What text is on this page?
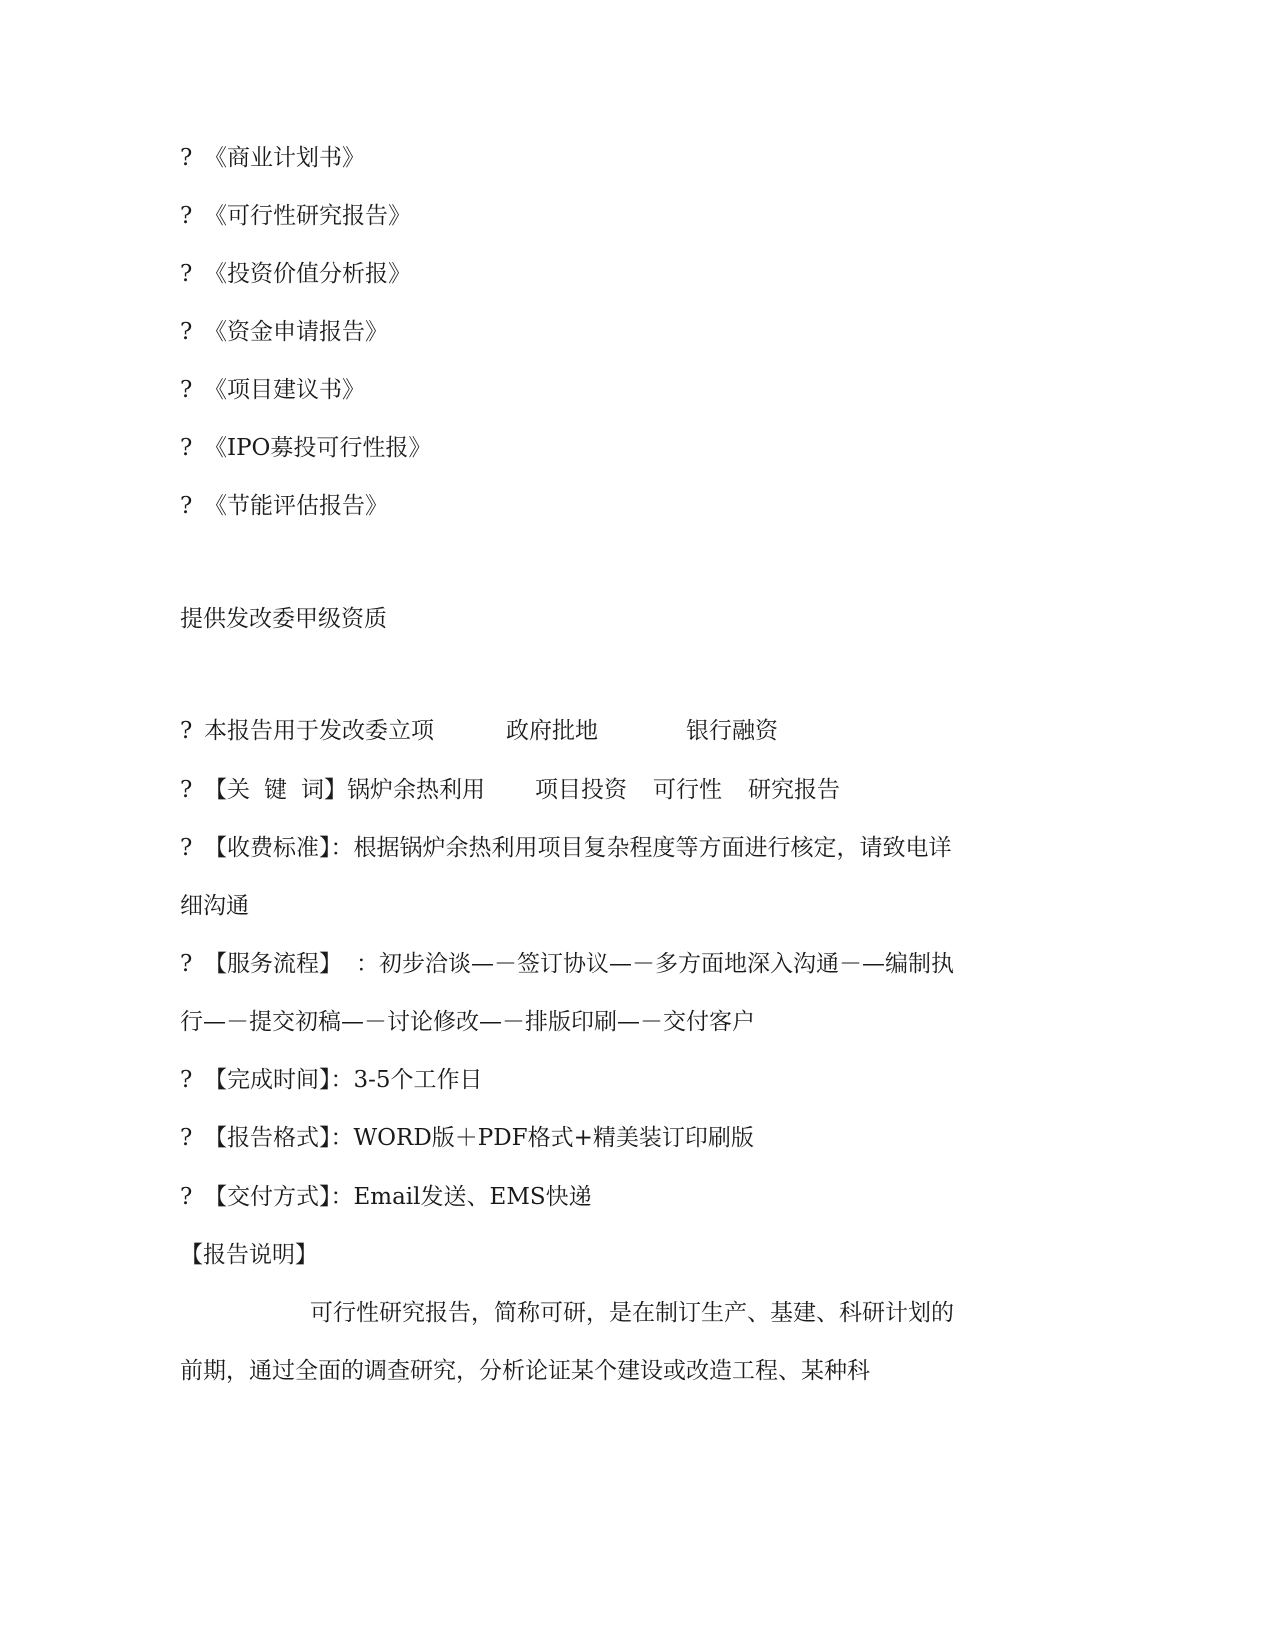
? 《商业计划书》
? 《可行性研究报告》
? 《投资价值分析报》
? 《资金申请报告》
? 《项目建议书》
? 《IPO募投可行性报》
? 《节能评估报告》
提供发改委甲级资质
? 本报告用于发改委立项	政府批地	银行融资
? 【关 键 词】锅炉余热利用 项目投资 可行性 研究报告
? 【收费标准】：根据锅炉余热利用项目复杂程度等方面进行核定，请致电详
细沟通
? 【服务流程】 ：初步洽谈—－签订协议—－多方面地深入沟通－—编制执
行—－提交初稿—－讨论修改—－排版印刷—－交付客户
? 【完成时间】：3-5个工作日
? 【报告格式】：WORD版＋PDF格式+精美装订印刷版
? 【交付方式】：Email发送、EMS快递
【报告说明】
可行性研究报告，简称可研，是在制订生产、基建、科研计划的
前期，通过全面的调查研究，分析论证某个建设或改造工程、某种科
